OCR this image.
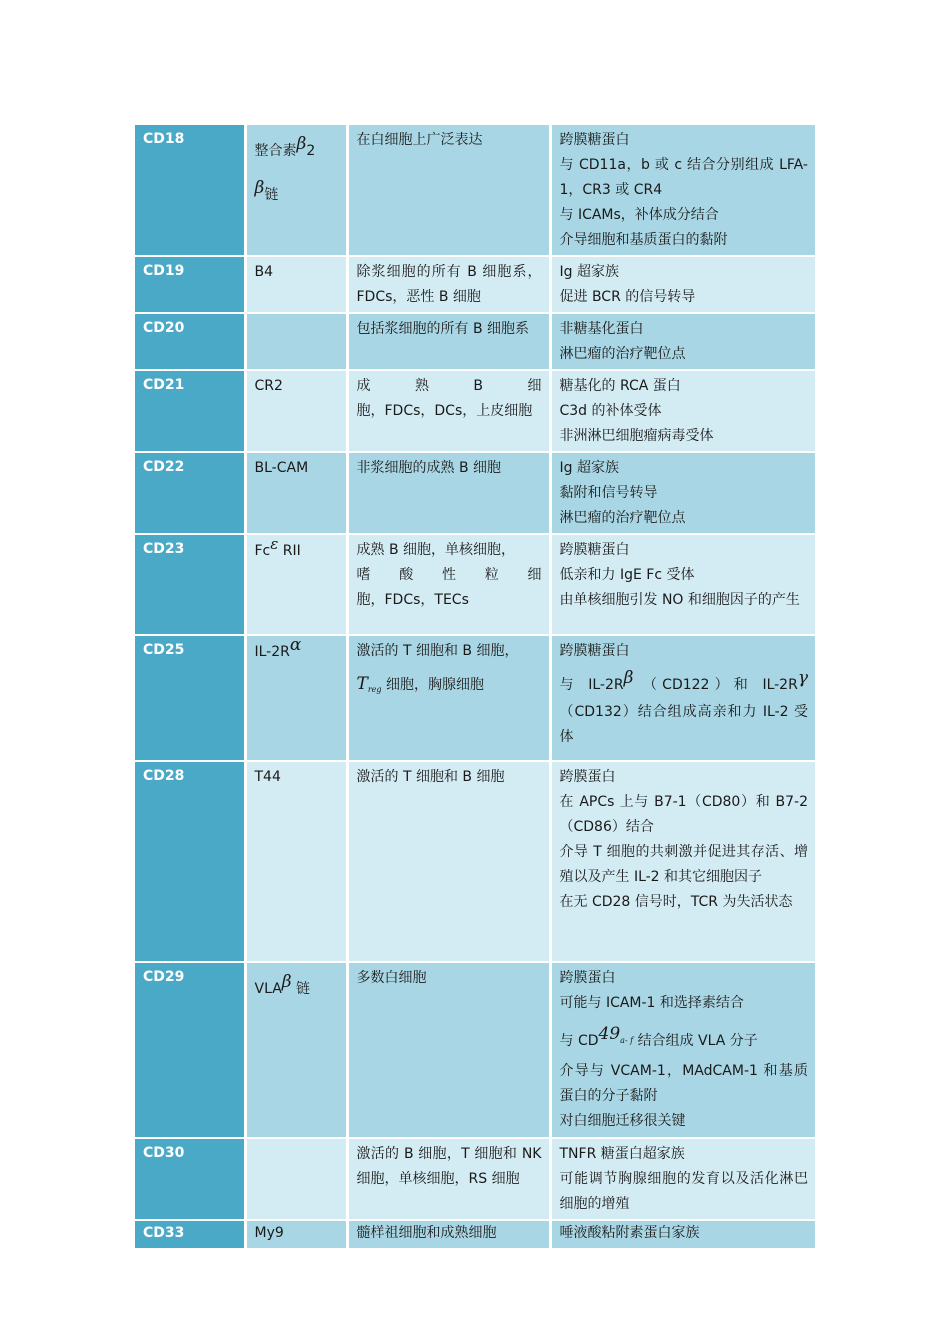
CD18	整合素β2
β链	在白细胞上广泛表达	跨膜糖蛋白
与 CD11a，b 或 c 结合分别组成 LFA-1，CR3 或 CR4
与 ICAMs，补体成分结合
介导细胞和基质蛋白的黏附

CD19	B4	除浆细胞的所有 B 细胞系，FDCs，恶性 B 细胞	Ig 超家族
促进 BCR 的信号转导

CD20		包括浆细胞的所有 B 细胞系	非糖基化蛋白
淋巴瘤的治疗靶位点

CD21	CR2	成　熟　B　细
胞，FDCs，DCs，上皮细胞	糖基化的 RCA 蛋白
C3d 的补体受体
非洲淋巴细胞瘤病毒受体

CD22	BL-CAM	非浆细胞的成熟 B 细胞	Ig 超家族
黏附和信号转导
淋巴瘤的治疗靶位点

CD23	Fcε RII	成熟 B 细胞，单核细胞，
嗜　酸　性　粒　细
胞，FDCs，TECs	跨膜糖蛋白
低亲和力 IgE Fc 受体
由单核细胞引发 NO 和细胞因子的产生

CD25	IL-2Rα	激活的 T 细胞和 B 细胞，
$T_{reg}$ 细胞，胸腺细胞	跨膜糖蛋白
与 IL-2Rβ （CD122）和 IL-2Rγ
（CD132）结合组成高亲和力 IL-2 受体

CD28	T44	激活的 T 细胞和 B 细胞	跨膜蛋白
在 APCs 上与 B7-1（CD80）和 B7-2（CD86）结合
介导 T 细胞的共刺激并促进其存活、增殖以及产生 IL-2 和其它细胞因子
在无 CD28 信号时，TCR 为失活状态

CD29	VLAβ 链	多数白细胞	跨膜蛋白
可能与 ICAM-1 和选择素结合
与 CD49a- f 结合组成 VLA 分子
介导与 VCAM-1，MAdCAM-1 和基质蛋白的分子黏附
对白细胞迁移很关键

CD30		激活的 B 细胞，T 细胞和 NK 细胞，单核细胞，RS 细胞	TNFR 糖蛋白超家族
可能调节胸腺细胞的发育以及活化淋巴细胞的增殖

CD33	My9	髓样祖细胞和成熟细胞	唾液酸粘附素蛋白家族
